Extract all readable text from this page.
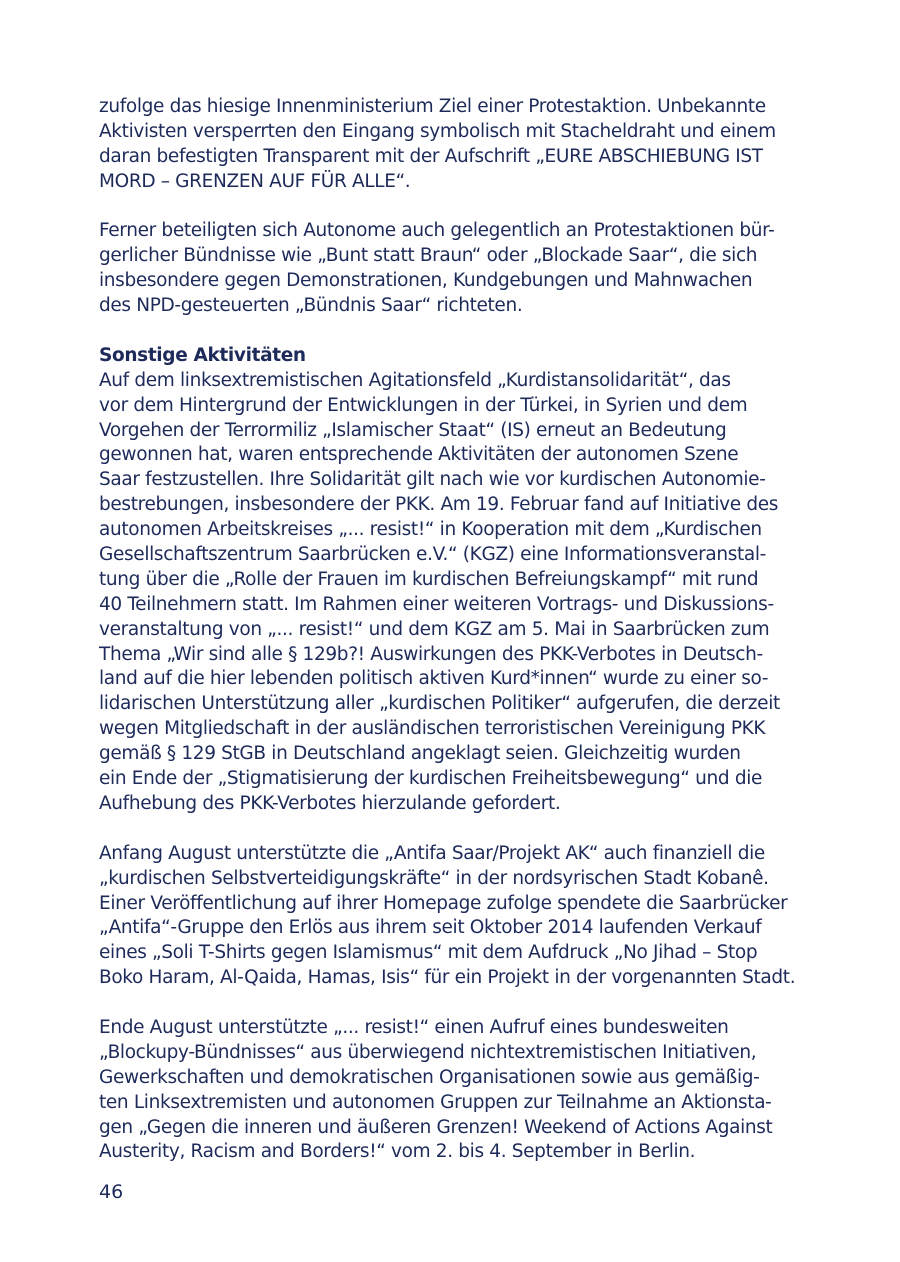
zufolge das hiesige Innenministerium Ziel einer Protestaktion. Unbekannte
Aktivisten versperrten den Eingang symbolisch mit Stacheldraht und einem
daran befestigten Transparent mit der Aufschrift „EURE ABSCHIEBUNG IST
MORD – GRENZEN AUF FÜR ALLE“.
Ferner beteiligten sich Autonome auch gelegentlich an Protestaktionen bür-
gerlicher Bündnisse wie „Bunt statt Braun“ oder „Blockade Saar“, die sich
insbesondere gegen Demonstrationen, Kundgebungen und Mahnwachen
des NPD-gesteuerten „Bündnis Saar“ richteten.
Sonstige Aktivitäten
Auf dem linksextremistischen Agitationsfeld „Kurdistansolidarität“, das
vor dem Hintergrund der Entwicklungen in der Türkei, in Syrien und dem
Vorgehen der Terrormiliz „Islamischer Staat“ (IS) erneut an Bedeutung
gewonnen hat, waren entsprechende Aktivitäten der autonomen Szene
Saar festzustellen. Ihre Solidarität gilt nach wie vor kurdischen Autonomie-
bestrebungen, insbesondere der PKK. Am 19. Februar fand auf Initiative des
autonomen Arbeitskreises „... resist!“ in Kooperation mit dem „Kurdischen
Gesellschaftszentrum Saarbrücken e.V.“ (KGZ) eine Informationsveranstal-
tung über die „Rolle der Frauen im kurdischen Befreiungskampf“ mit rund
40 Teilnehmern statt. Im Rahmen einer weiteren Vortrags- und Diskussions-
veranstaltung von „... resist!“ und dem KGZ am 5. Mai in Saarbrücken zum
Thema „Wir sind alle § 129b?! Auswirkungen des PKK-Verbotes in Deutsch-
land auf die hier lebenden politisch aktiven Kurd*innen“ wurde zu einer so-
lidarischen Unterstützung aller „kurdischen Politiker“ aufgerufen, die derzeit
wegen Mitgliedschaft in der ausländischen terroristischen Vereinigung PKK
gemäß § 129 StGB in Deutschland angeklagt seien. Gleichzeitig wurden
ein Ende der „Stigmatisierung der kurdischen Freiheitsbewegung“ und die
Aufhebung des PKK-Verbotes hierzulande gefordert.
Anfang August unterstützte die „Antifa Saar/Projekt AK“ auch finanziell die
„kurdischen Selbstverteidigungskräfte“ in der nordsyrischen Stadt Kobanê.
Einer Veröffentlichung auf ihrer Homepage zufolge spendete die Saarbrücker
„Antifa“-Gruppe den Erlös aus ihrem seit Oktober 2014 laufenden Verkauf
eines „Soli T-Shirts gegen Islamismus“ mit dem Aufdruck „No Jihad – Stop
Boko Haram, Al-Qaida, Hamas, Isis“ für ein Projekt in der vorgenannten Stadt.
Ende August unterstützte „... resist!“ einen Aufruf eines bundesweiten
„Blockupy-Bündnisses“ aus überwiegend nichtextremistischen Initiativen,
Gewerkschaften und demokratischen Organisationen sowie aus gemäßig-
ten Linksextremisten und autonomen Gruppen zur Teilnahme an Aktionsta-
gen „Gegen die inneren und äußeren Grenzen! Weekend of Actions Against
Austerity, Racism and Borders!“ vom 2. bis 4. September in Berlin.
46
